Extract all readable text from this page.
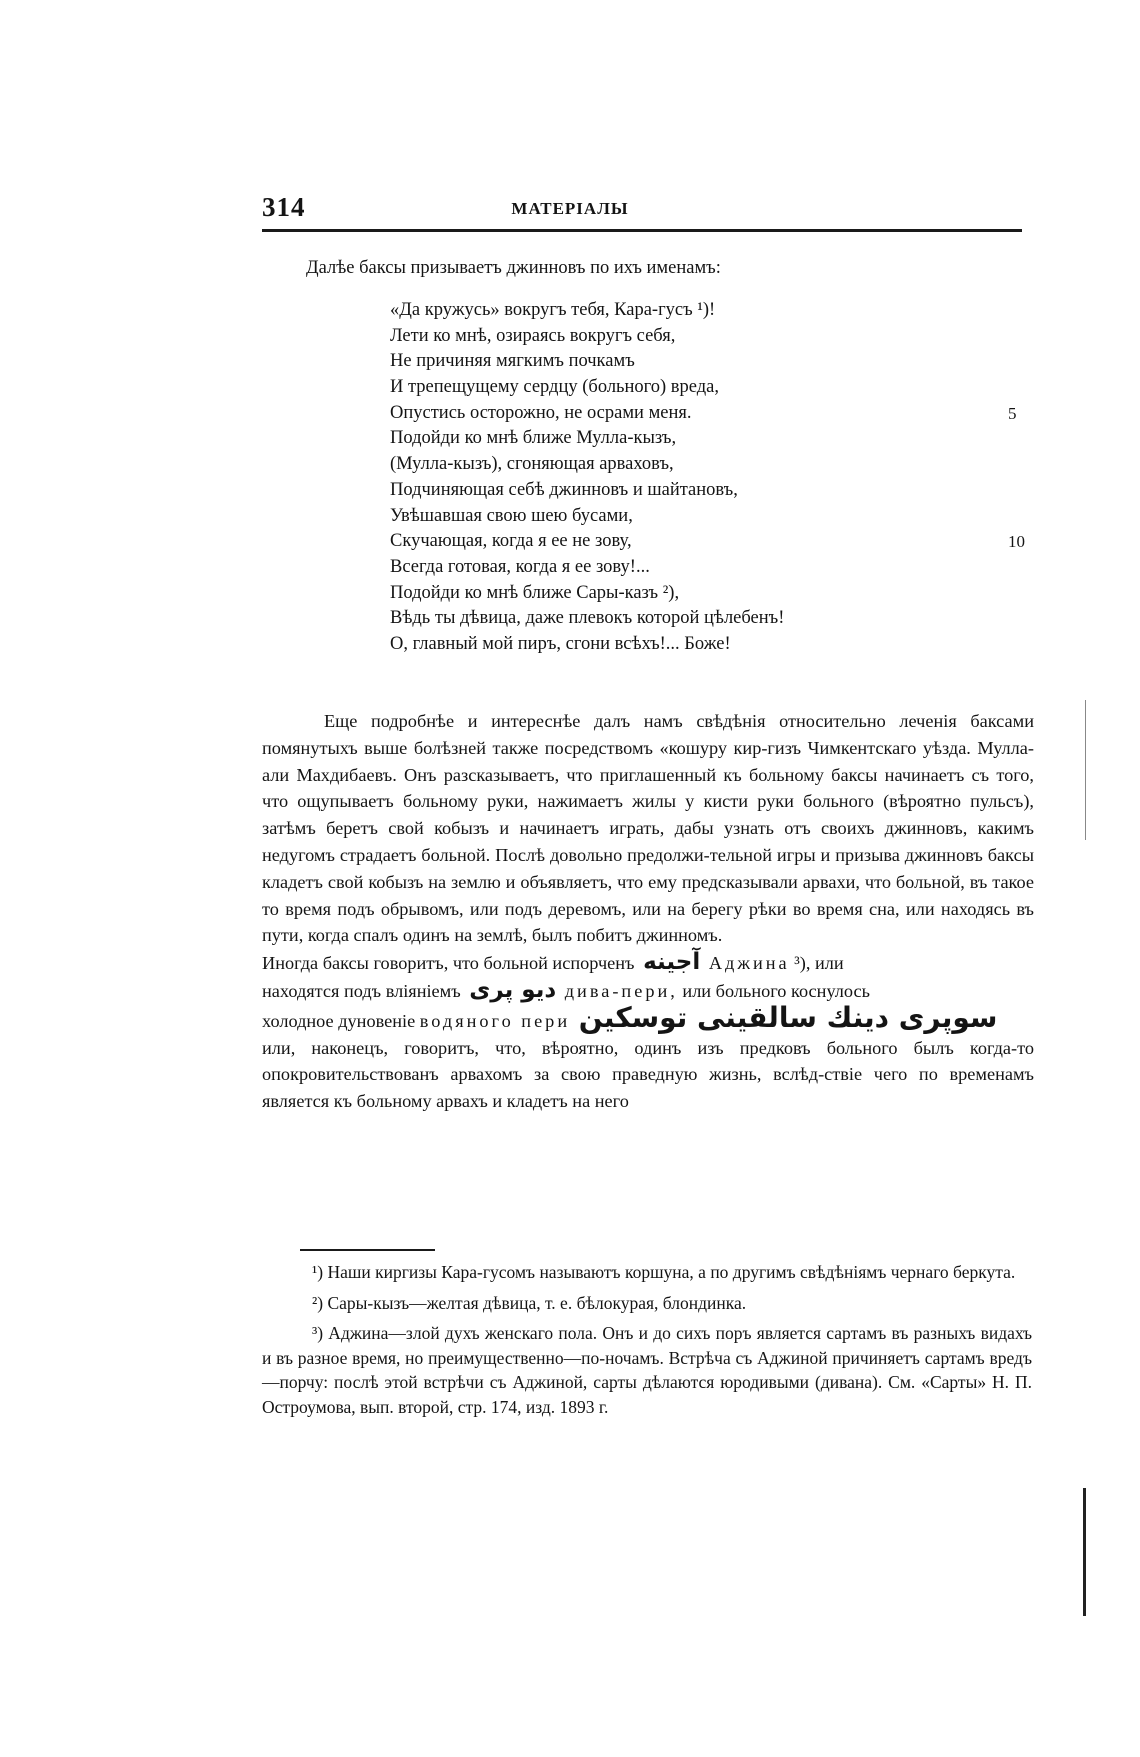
314	МАТЕРІАЛЫ
Далѣе баксы призываетъ джинновъ по ихъ именамъ:
«Да кружусь» вокругъ тебя, Кара-гусъ ¹)!
Лети ко мнѣ, озираясь вокругъ себя,
Не причиняя мягкимъ почкамъ
И трепещущему сердцу (больного) вреда,
Опустись осторожно, не осрами меня.	5
Подойди ко мнѣ ближе Мулла-кызъ,
(Мулла-кызъ), сгоняющая арваховъ,
Подчиняющая себѣ джинновъ и шайтановъ,
Увѣшавшая свою шею бусами,
Скучающая, когда я ее не зову,	10
Всегда готовая, когда я ее зову!...
Подойди ко мнѣ ближе Сары-казъ ²),
Вѣдь ты дѣвица, даже плевокъ которой цѣлебенъ!
О, главный мой пиръ, сгони всѣхъ!... Боже!
Еще подробнѣе и интереснѣе далъ намъ свѣдѣнія относительно леченія баксами помянутыхъ выше болѣзней также посредствомъ «кошуру кир-гизъ Чимкентскаго уѣзда. Мулла-али Махдибаевъ. Онъ разсказываетъ, что приглашенный къ больному баксы начинаетъ съ того, что ощупываетъ больному руки, нажимаетъ жилы у кисти руки больного (вѣроятно пульсъ), затѣмъ беретъ свой кобызъ и начинаетъ играть, дабы узнать отъ своихъ джинновъ, какимъ недугомъ страдаетъ больной. Послѣ довольно предолжи-тельной игры и призыва джинновъ баксы кладетъ свой кобызъ на землю и объявляетъ, что ему предсказывали арваxи, что больной, въ такое то время подъ обрывомъ, или подъ деревомъ, или на берегу рѣки во время сна, или находясь въ пути, когда спалъ одинъ на землѣ, былъ побитъ джинномъ.
Иногда баксы говоритъ, что больной испорченъ آجینه Аджина ³), или
находятся подъ вліяніемъ دیو پری дива-пери, или больного коснулось
холодное дуновеніе водяного пери سوپری دینك سالقینی توسکین
или, наконецъ, говоритъ, что, вѣроятно, одинъ изъ предковъ больного былъ когда-то опокровительствованъ арвахомъ за свою праведную жизнь, вслѣд-ствіе чего по временамъ является къ больному арвахъ и кладетъ на него

¹) Наши киргизы Кара-гусомъ называютъ коршуна, а по другимъ свѣдѣніямъ чернаго беркута.

²) Сары-кызъ—желтая дѣвица, т. е. бѣлокурая, блондинка.

³) Аджина—злой духъ женскаго пола. Онъ и до сихъ поръ является сартамъ въ разныхъ видахъ и въ разное время, но преимущественно—по-ночамъ. Встрѣча съ Аджиной причиняетъ сартамъ вредъ—порчу: послѣ этой встрѣчи съ Аджиной, сарты дѣлаются юродивыми (дивана). См. «Сарты» Н. П. Остроумова, вып. второй, стр. 174, изд. 1893 г.
